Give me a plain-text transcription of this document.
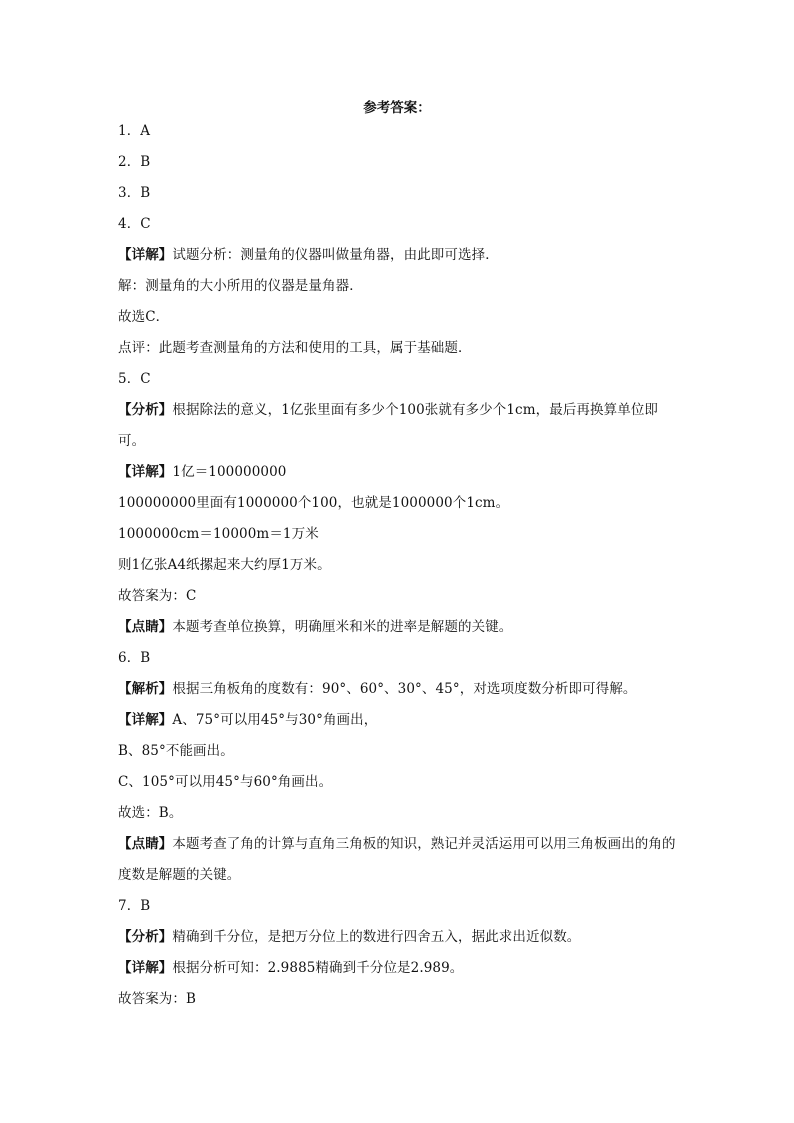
参考答案：
1．A
2．B
3．B
4．C
【详解】试题分析：测量角的仪器叫做量角器，由此即可选择．
解：测量角的大小所用的仪器是量角器．
故选C．
点评：此题考查测量角的方法和使用的工具，属于基础题．
5．C
【分析】根据除法的意义，1亿张里面有多少个100张就有多少个1cm，最后再换算单位即可。
【详解】1亿＝100000000
100000000里面有1000000个100，也就是1000000个1cm。
1000000cm＝10000m＝1万米
则1亿张A4纸摞起来大约厚1万米。
故答案为：C
【点睛】本题考查单位换算，明确厘米和米的进率是解题的关键。
6．B
【解析】根据三角板角的度数有：90°、60°、30°、45°，对选项度数分析即可得解。
【详解】A、75°可以用45°与30°角画出，
B、85°不能画出。
C、105°可以用45°与60°角画出。
故选：B。
【点睛】本题考查了角的计算与直角三角板的知识，熟记并灵活运用可以用三角板画出的角的度数是解题的关键。
7．B
【分析】精确到千分位，是把万分位上的数进行四舍五入，据此求出近似数。
【详解】根据分析可知：2.9885精确到千分位是2.989。
故答案为：B
